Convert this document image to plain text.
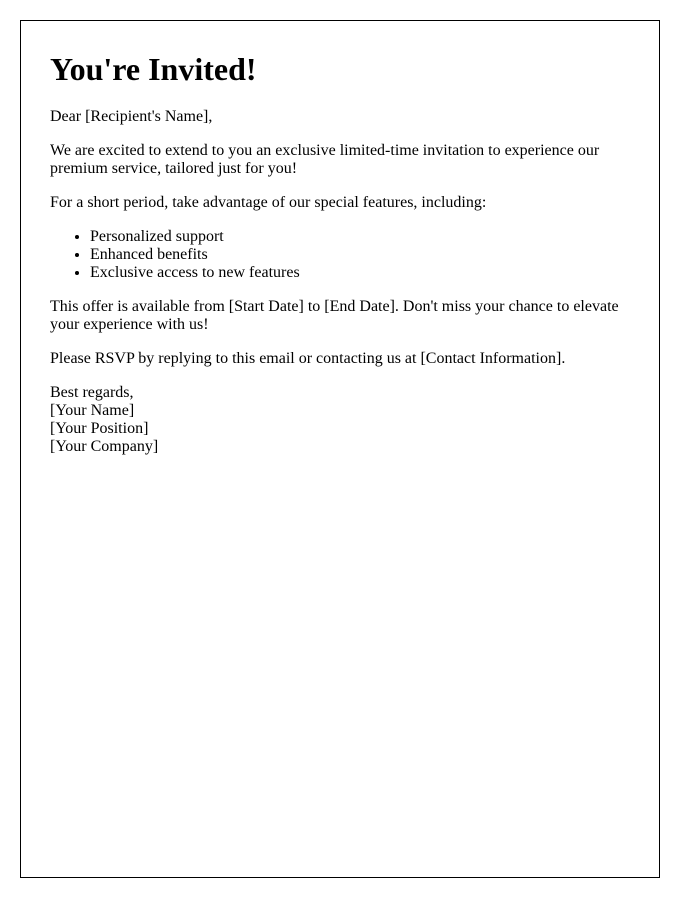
You're Invited!

Dear [Recipient's Name],

We are excited to extend to you an exclusive limited-time invitation to experience our premium service, tailored just for you!

For a short period, take advantage of our special features, including:

• Personalized support
• Enhanced benefits
• Exclusive access to new features

This offer is available from [Start Date] to [End Date]. Don't miss your chance to elevate your experience with us!

Please RSVP by replying to this email or contacting us at [Contact Information].

Best regards,
[Your Name]
[Your Position]
[Your Company]
